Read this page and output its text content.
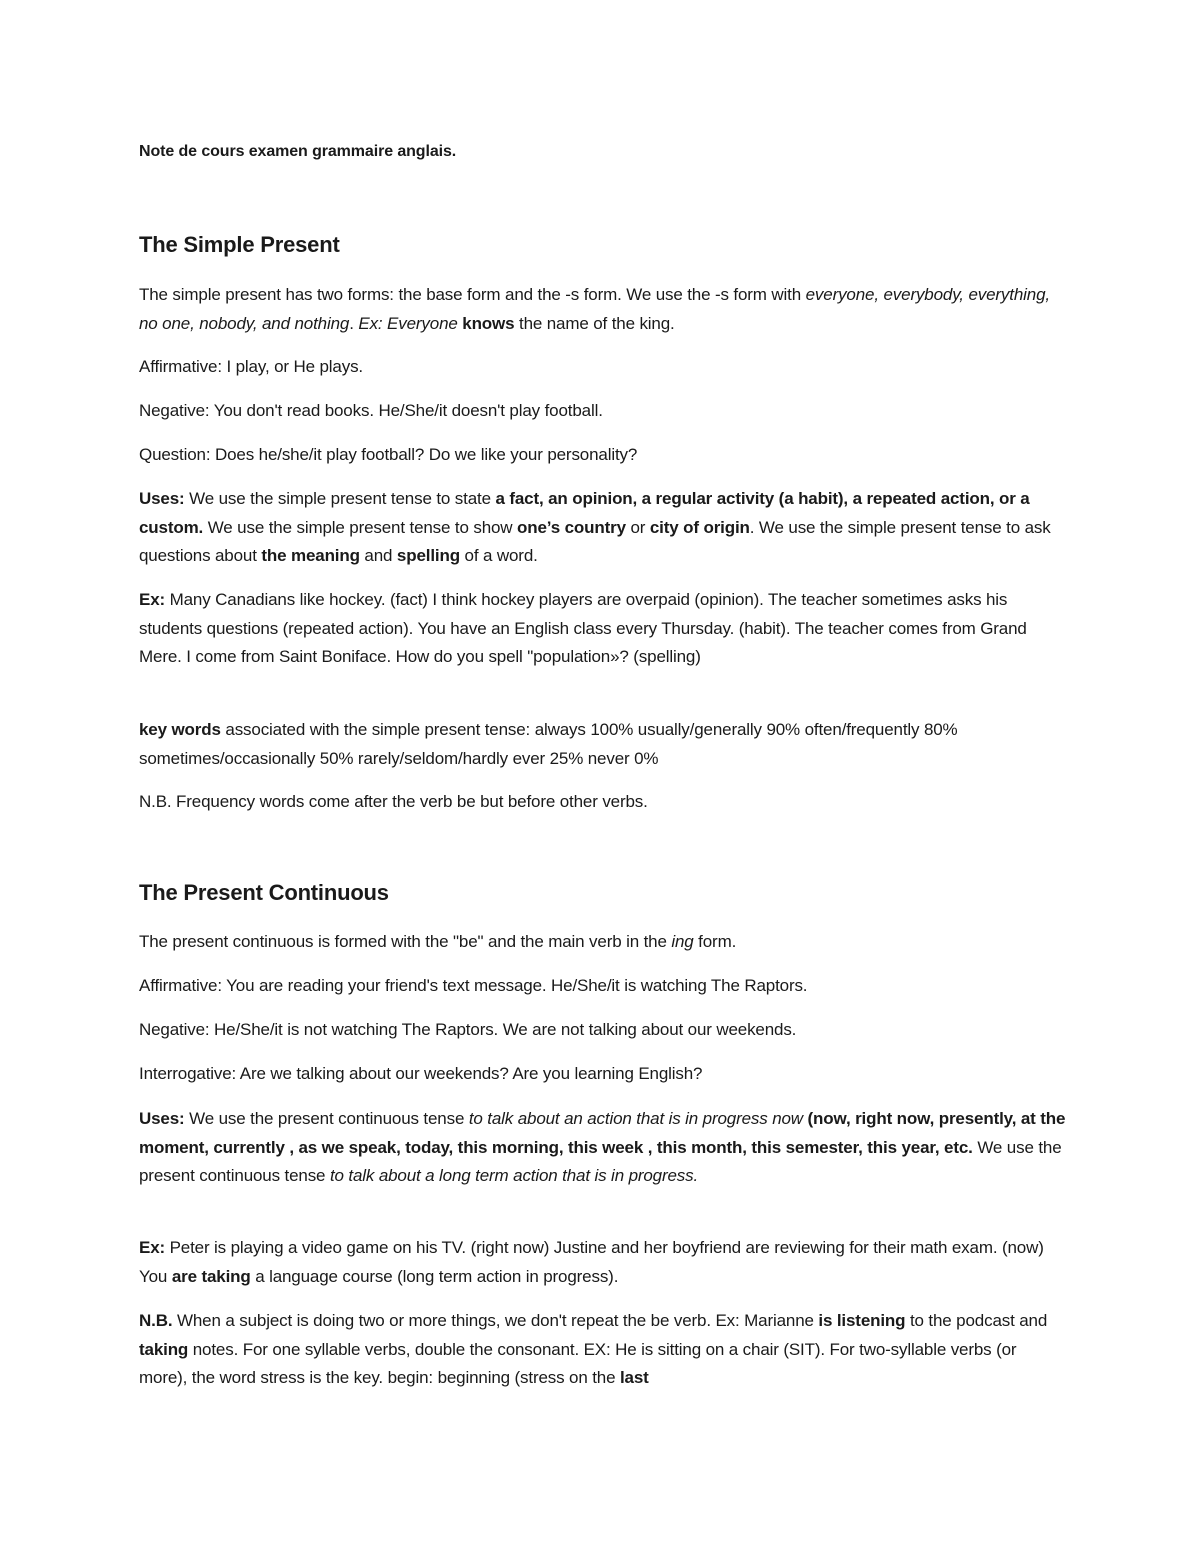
Note de cours examen grammaire anglais.
The Simple Present

The simple present has two forms: the base form and the -s form. We use the -s form with everyone, everybody, everything, no one, nobody, and nothing. Ex: Everyone knows the name of the king.

Affirmative: I play, or He plays.

Negative: You don't read books. He/She/it doesn't play football.

Question: Does he/she/it play football? Do we like your personality?

Uses: We use the simple present tense to state a fact, an opinion, a regular activity (a habit), a repeated action, or a custom. We use the simple present tense to show one’s country or city of origin. We use the simple present tense to ask questions about the meaning and spelling of a word.

Ex: Many Canadians like hockey. (fact) I think hockey players are overpaid (opinion). The teacher sometimes asks his students questions (repeated action). You have an English class every Thursday. (habit). The teacher comes from Grand Mere. I come from Saint Boniface. How do you spell "population»? (spelling)

key words associated with the simple present tense: always 100% usually/generally 90% often/frequently 80% sometimes/occasionally 50% rarely/seldom/hardly ever 25% never 0%

N.B. Frequency words come after the verb be but before other verbs.

The Present Continuous

The present continuous is formed with the "be" and the main verb in the ing form.

Affirmative: You are reading your friend's text message. He/She/it is watching The Raptors.

Negative: He/She/it is not watching The Raptors. We are not talking about our weekends.

Interrogative: Are we talking about our weekends? Are you learning English?

Uses: We use the present continuous tense to talk about an action that is in progress now (now, right now, presently, at the moment, currently , as we speak, today, this morning, this week , this month, this semester, this year, etc. We use the present continuous tense to talk about a long term action that is in progress.

Ex: Peter is playing a video game on his TV. (right now) Justine and her boyfriend are reviewing for their math exam. (now) You are taking a language course (long term action in progress).

N.B. When a subject is doing two or more things, we don't repeat the be verb. Ex: Marianne is listening to the podcast and taking notes. For one syllable verbs, double the consonant. EX: He is sitting on a chair (SIT). For two-syllable verbs (or more), the word stress is the key. begin: beginning (stress on the last
